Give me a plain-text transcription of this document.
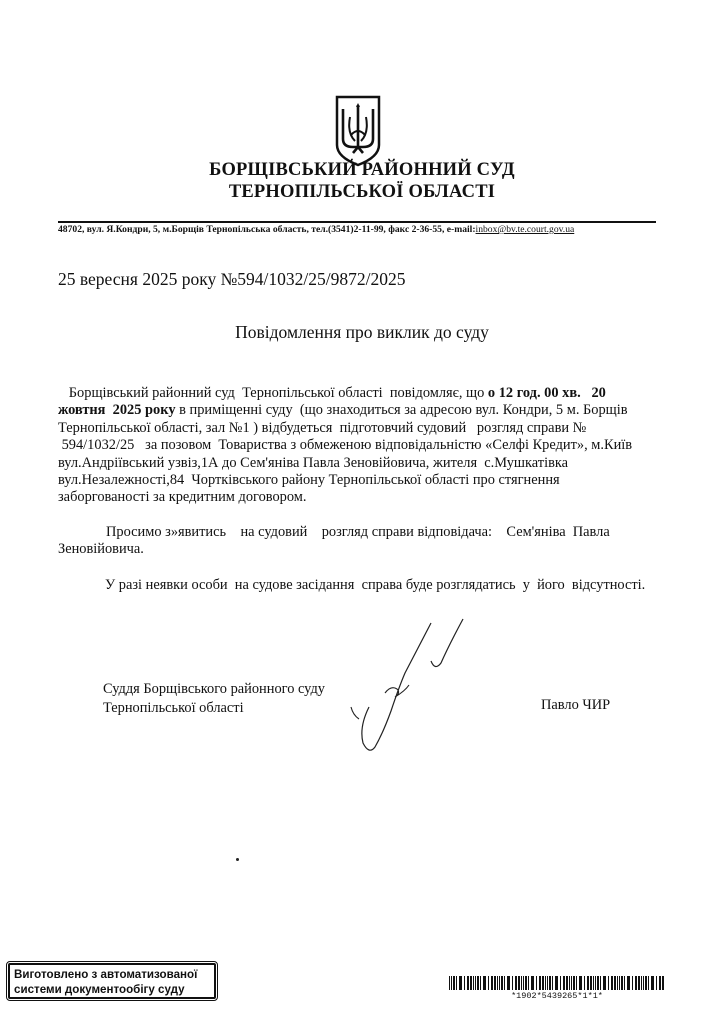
БОРЩІВСЬКИЙ РАЙОННИЙ СУД
ТЕРНОПІЛЬСЬКОЇ ОБЛАСТІ
48702, вул. Я.Кондри, 5, м.Борщів Тернопільська область, тел.(3541)2-11-99, факс 2-36-55, e-mail:inbox@bv.te.court.gov.ua
25 вересня 2025 року №594/1032/25/9872/2025
Повідомлення про виклик до суду
Борщівський районний суд  Тернопільської області  повідомляє, що о 12 год. 00 хв.   20
жовтня  2025 року в приміщенні суду  (що знаходиться за адресою вул. Кондри, 5 м. Борщів
Тернопільської області, зал №1 ) відбудеться  підготовчий судовий   розгляд справи №
594/1032/25   за позовом  Товариства з обмеженою відповідальністю «Селфі Кредит», м.Київ
вул.Андріївський узвіз,1А до Сем'яніва Павла Зеновійовича, жителя  с.Мушкатівка
вул.Незалежності,84  Чортківського району Тернопільської області про стягнення
заборгованості за кредитним договором.
Просимо з»явитись    на судовий    розгляд справи відповідача:    Сем'яніва  Павла
Зеновійовича.
У разі неявки особи  на судове засідання  справа буде розглядатись  у  його  відсутності.
Суддя Борщівського районного суду
Тернопільської області	Павло ЧИР
Виготовлено з автоматизованої
системи документообігу суду	*1902*5439265*1*1*
